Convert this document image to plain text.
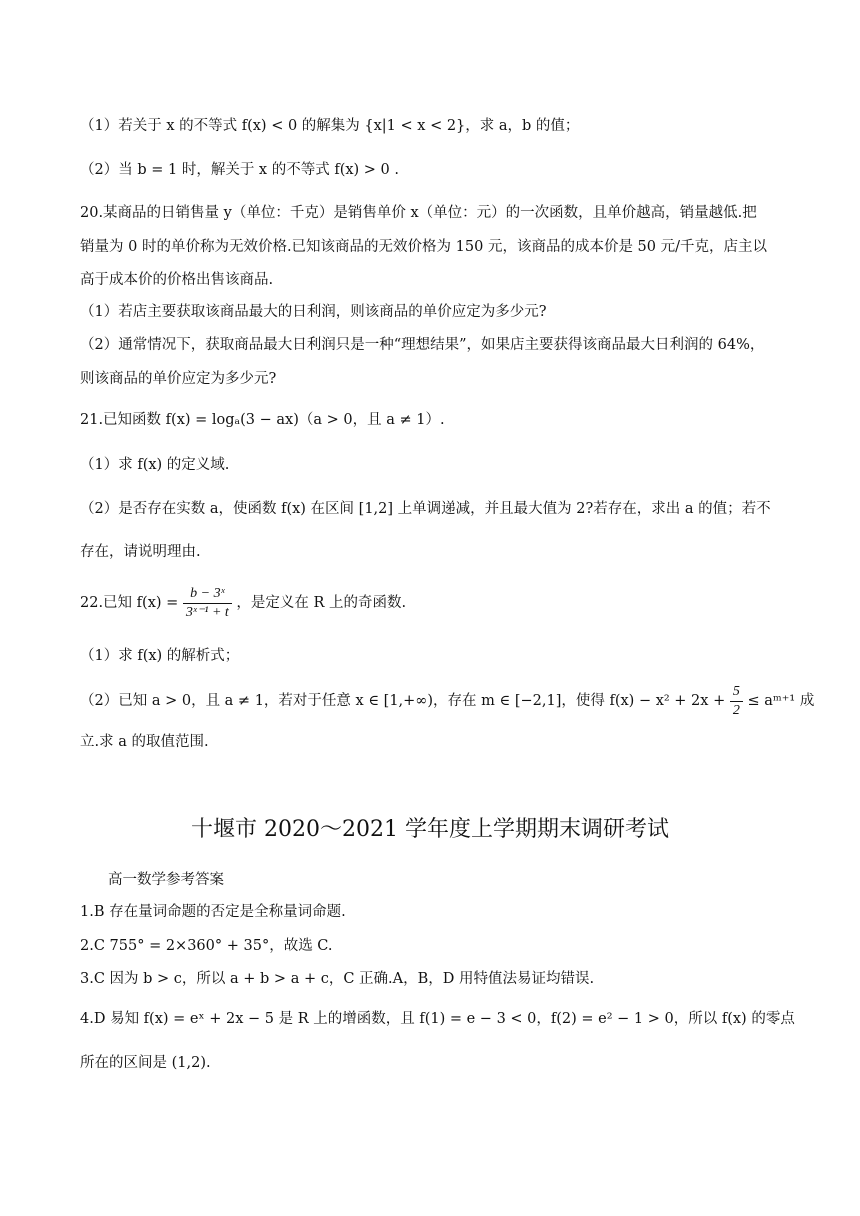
（1）若关于 x 的不等式 f(x) < 0 的解集为 {x|1 < x < 2}，求 a，b 的值；
（2）当 b = 1 时，解关于 x 的不等式 f(x) > 0 .
20.某商品的日销售量 y（单位：千克）是销售单价 x（单位：元）的一次函数，且单价越高，销量越低.把
销量为 0 时的单价称为无效价格.已知该商品的无效价格为 150 元，该商品的成本价是 50 元/千克，店主以
高于成本价的价格出售该商品.
（1）若店主要获取该商品最大的日利润，则该商品的单价应定为多少元?
（2）通常情况下，获取商品最大日利润只是一种“理想结果”，如果店主要获得该商品最大日利润的 64%，
则该商品的单价应定为多少元?
21.已知函数 f(x) = logₐ(3 − ax)（a > 0，且 a ≠ 1）.
（1）求 f(x) 的定义域.
（2）是否存在实数 a，使函数 f(x) 在区间 [1,2] 上单调递减，并且最大值为 2?若存在，求出 a 的值；若不
存在，请说明理由.
22.已知 $f(x) = \frac{\text{b − 3ˣ}}{\text{3ˣ⁻¹ + t}}$ ，是定义在 R 上的奇函数.
（1）求 f(x) 的解析式；
（2）已知 a > 0，且 a ≠ 1，若对于任意 x ∈ [1,+∞)，存在 m ∈ [−2,1]，使得 $f(x) - x^2 + 2x + \frac{5}{2}$ ≤ aᵐ⁺¹ 成
立.求 a 的取值范围.
十堰市 2020～2021 学年度上学期期末调研考试
高一数学参考答案
1.B 存在量词命题的否定是全称量词命题.
2.C 755° = 2×360° + 35°，故选 C.
3.C 因为 b > c，所以 a + b > a + c，C 正确.A，B，D 用特值法易证均错误.
4.D 易知 f(x) = eˣ + 2x − 5 是 R 上的增函数，且 f(1) = e − 3 < 0，f(2) = e² − 1 > 0，所以 f(x) 的零点
所在的区间是 (1,2).
